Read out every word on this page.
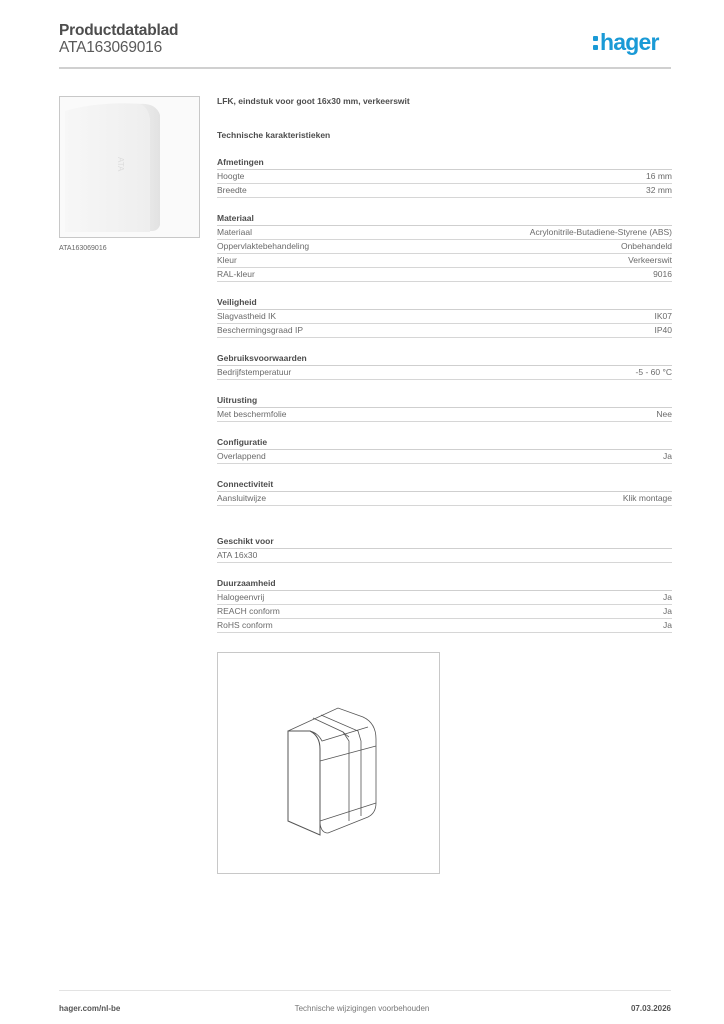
Productdatablad
ATA163069016	hager
ATA
ATA163069016
LFK, eindstuk voor goot 16x30 mm, verkeerswit
Technische karakteristieken
Afmetingen
Hoogte	16 mm
Breedte	32 mm
Materiaal
Materiaal	Acrylonitrile-Butadiene-Styrene (ABS)
Oppervlaktebehandeling	Onbehandeld
Kleur	Verkeerswit
RAL-kleur	9016
Veiligheid
Slagvastheid IK	IK07
Beschermingsgraad IP	IP40
Gebruiksvoorwaarden
Bedrijfstemperatuur	-5 - 60 °C
Uitrusting
Met beschermfolie	Nee
Configuratie
Overlappend	Ja
Connectiviteit
Aansluitwijze	Klik montage
Geschikt voor
ATA 16x30
Duurzaamheid
Halogeenvrij	Ja
REACH conform	Ja
RoHS conform	Ja
hager.com/nl-be	Technische wijzigingen voorbehouden	07.03.2026
